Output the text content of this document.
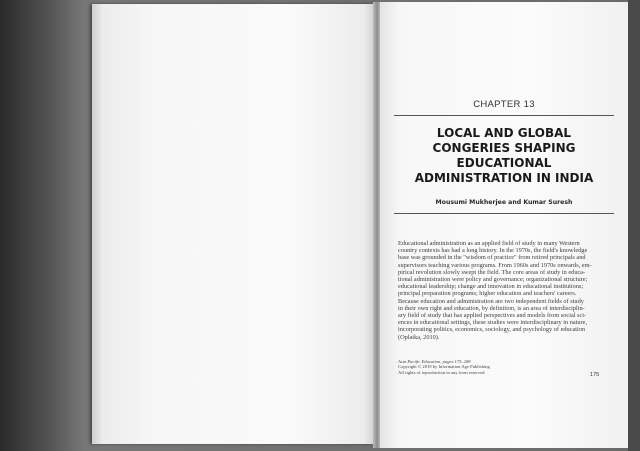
CHAPTER 13
LOCAL AND GLOBAL
CONGERIES SHAPING
EDUCATIONAL
ADMINISTRATION IN INDIA
Mousumi Mukherjee and Kumar Suresh
Educational administration as an applied field of study in many Western
country contexts has had a long history. In the 1970s, the field's knowledge
base was grounded in the "wisdom of practice" from retired principals and
supervisors teaching various programs. From 1960s and 1970s onwards, em-
pirical revolution slowly swept the field. The core areas of study in educa-
tional administration were policy and governance; organizational structure;
educational leadership; change and innovation in educational institutions;
principal preparation programs; higher education and teachers' careers.
Because education and administration are two independent fields of study
in their own right and education, by definition, is an area of interdisciplin-
ary field of study that has applied perspectives and models from social sci-
ences in educational settings, these studies were interdisciplinary in nature,
incorporating politics, economics, sociology, and psychology of education
(Oplatka, 2010).
Asia Pacific Education, pages 175–188
Copyright © 2019 by Information Age Publishing
All rights of reproduction in any form reserved.	175
